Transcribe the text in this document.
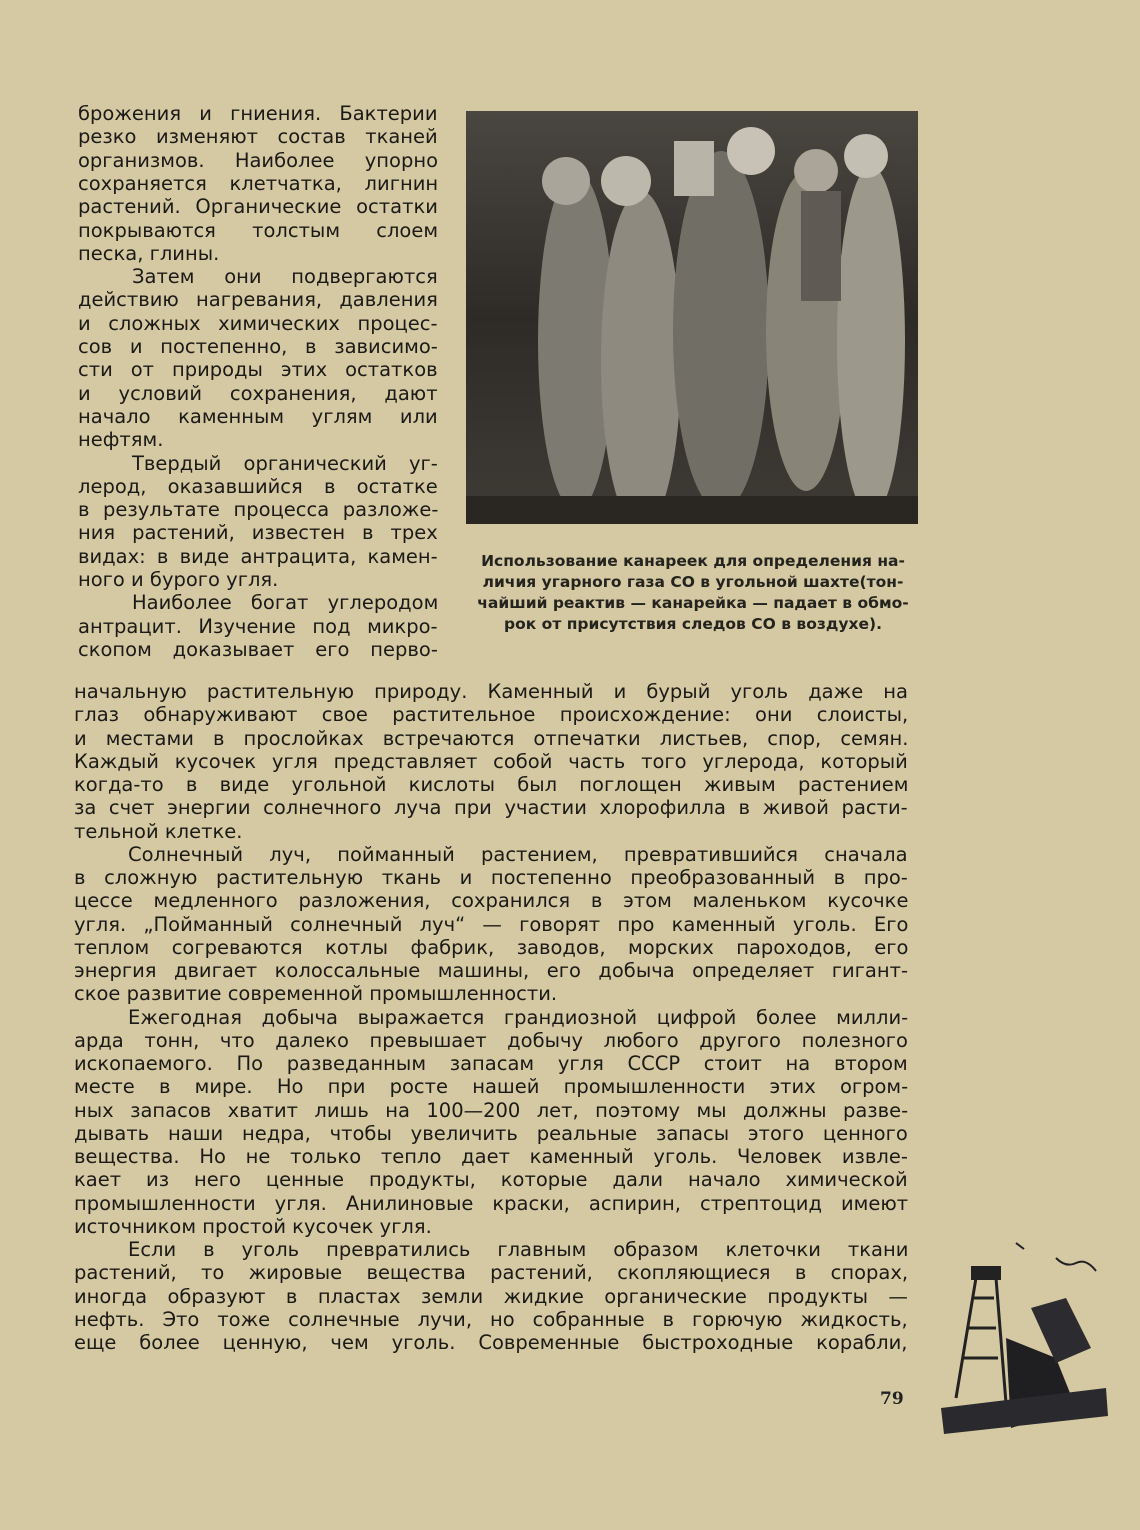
брожения и гниения. Бактерии
резко изменяют состав тканей
организмов. Наиболее упорно
сохраняется клетчатка, лигнин
растений. Органические остатки
покрываются толстым слоем
песка, глины.
Затем они подвергаются
действию нагревания, давления
и сложных химических процес-
сов и постепенно, в зависимо-
сти от природы этих остатков
и условий сохранения, дают
начало каменным углям или
нефтям.
Твердый органический уг-
лерод, оказавшийся в остатке
в результате процесса разложе-
ния растений, известен в трех
видах: в виде антрацита, камен-
ного и бурого угля.
Наиболее богат углеродом
антрацит. Изучение под микро-
скопом доказывает его перво-
начальную растительную природу. Каменный и бурый уголь даже на
глаз обнаруживают свое растительное происхождение: они слоисты,
и местами в прослойках встречаются отпечатки листьев, спор, семян.
Каждый кусочек угля представляет собой часть того углерода, который
когда-то в виде угольной кислоты был поглощен живым растением
за счет энергии солнечного луча при участии хлорофилла в живой расти-
тельной клетке.
Солнечный луч, пойманный растением, превратившийся сначала
в сложную растительную ткань и постепенно преобразованный в про-
цессе медленного разложения, сохранился в этом маленьком кусочке
угля. „Пойманный солнечный луч“ — говорят про каменный уголь. Его
теплом согреваются котлы фабрик, заводов, морских пароходов, его
энергия двигает колоссальные машины, его добыча определяет гигант-
ское развитие современной промышленности.
Ежегодная добыча выражается грандиозной цифрой более милли-
арда тонн, что далеко превышает добычу любого другого полезного
ископаемого. По разведанным запасам угля СССР стоит на втором
месте в мире. Но при росте нашей промышленности этих огром-
ных запасов хватит лишь на 100—200 лет, поэтому мы должны разве-
дывать наши недра, чтобы увеличить реальные запасы этого ценного
вещества. Но не только тепло дает каменный уголь. Человек извле-
кает из него ценные продукты, которые дали начало химической
промышленности угля. Анилиновые краски, аспирин, стрептоцид имеют
источником простой кусочек угля.
Если в уголь превратились главным образом клеточки ткани
растений, то жировые вещества растений, скопляющиеся в спорах,
иногда образуют в пластах земли жидкие органические продукты —
нефть. Это тоже солнечные лучи, но собранные в горючую жидкость,
еще более ценную, чем уголь. Современные быстроходные корабли,
Использование канареек для определения на-
личия угарного газа CO в угольной шахте(тон-
чайший реактив — канарейка — падает в обмо-
рок от присутствия следов CO в воздухе).
79
